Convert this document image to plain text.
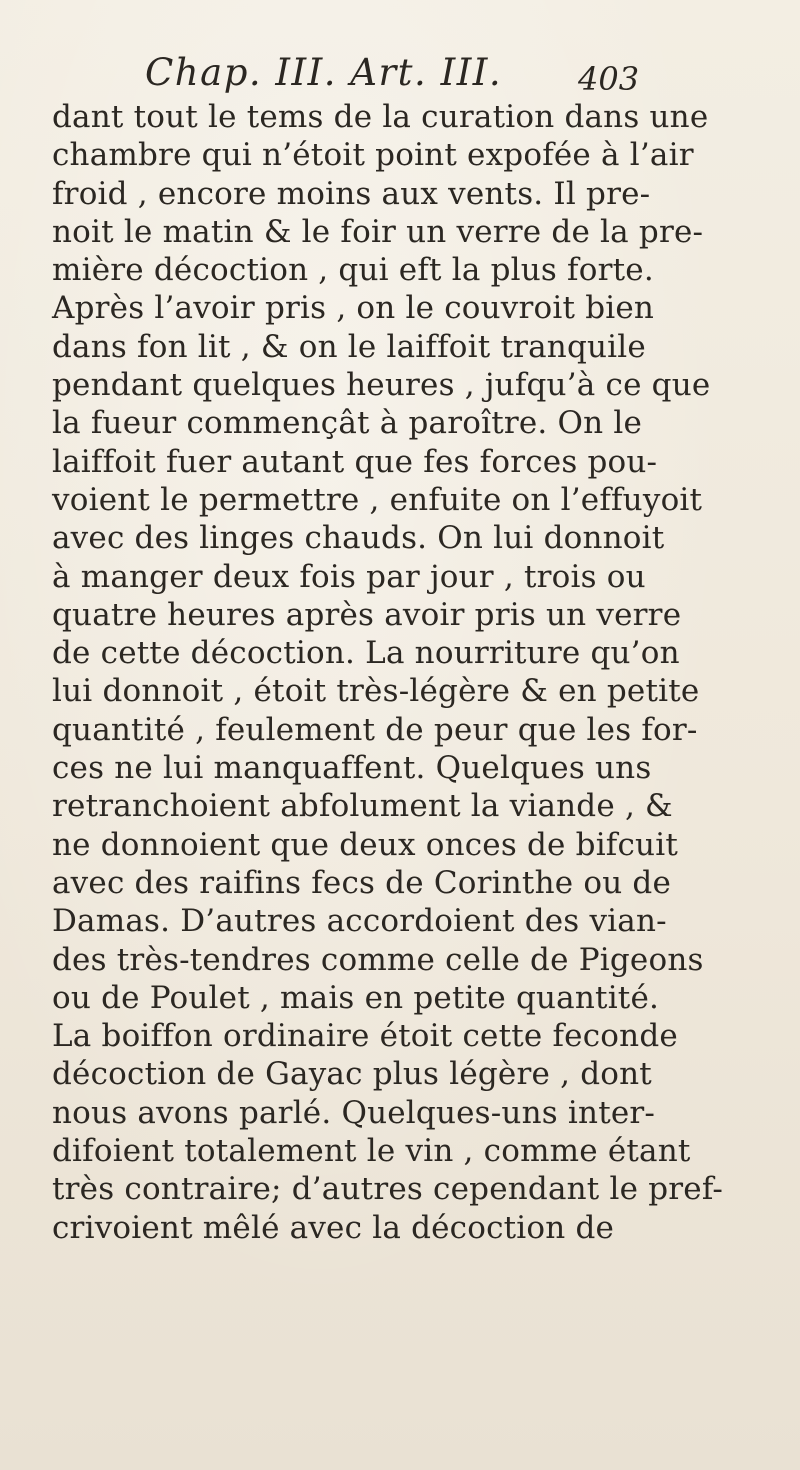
Chap. III. Art. III. 403
dant tout le tems de la curation dans une
chambre qui n’étoit point expofée à l’air
froid , encore moins aux vents. Il pre-
noit le matin & le foir un verre de la pre-
mière décoction , qui eft la plus forte.
Après l’avoir pris , on le couvroit bien
dans fon lit , & on le laiffoit tranquile
pendant quelques heures , jufqu’à ce que
la fueur commençât à paroître. On le
laiffoit fuer autant que fes forces pou-
voient le permettre , enfuite on l’effuyoit
avec des linges chauds. On lui donnoit
à manger deux fois par jour , trois ou
quatre heures après avoir pris un verre
de cette décoction. La nourriture qu’on
lui donnoit , étoit très-légère & en petite
quantité , feulement de peur que les for-
ces ne lui manquaffent. Quelques uns
retranchoient abfolument la viande , &
ne donnoient que deux onces de bifcuit
avec des raifins fecs de Corinthe ou de
Damas. D’autres accordoient des vian-
des très-tendres comme celle de Pigeons
ou de Poulet , mais en petite quantité.
La boiffon ordinaire étoit cette feconde
décoction de Gayac plus légère , dont
nous avons parlé. Quelques-uns inter-
difoient totalement le vin , comme étant
très contraire; d’autres cependant le pref-
crivoient mêlé avec la décoction de
